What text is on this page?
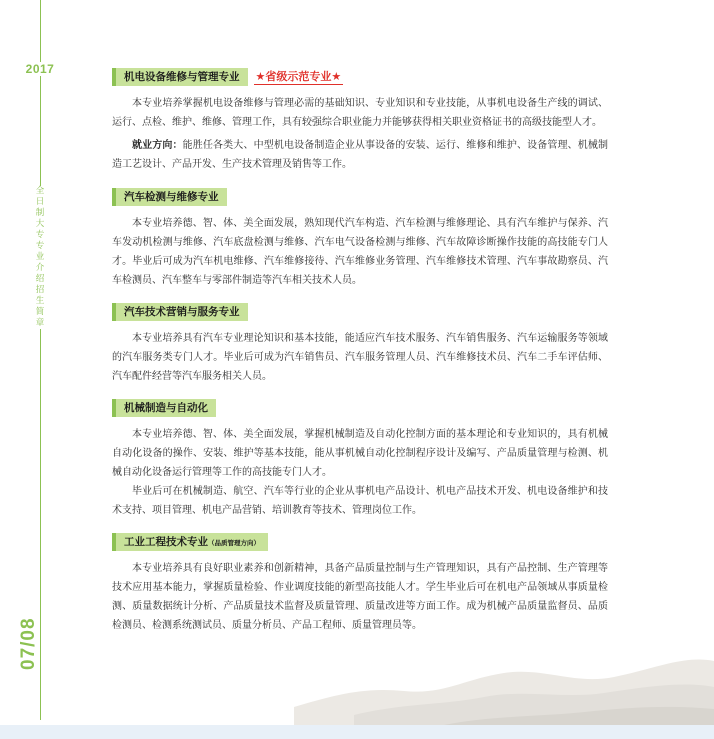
2017
全日制大专专业介绍招生简章
07/08
机电设备维修与管理专业	★省级示范专业★

本专业培养掌握机电设备维修与管理必需的基础知识、专业知识和专业技能，从事机电设备生产线的调试、运行、点检、维护、维修、管理工作，具有较强综合职业能力并能够获得相关职业资格证书的高级技能型人才。

就业方向：能胜任各类大、中型机电设备制造企业从事设备的安装、运行、维修和维护、设备管理、机械制造工艺设计、产品开发、生产技术管理及销售等工作。

汽车检测与维修专业

本专业培养德、智、体、美全面发展，熟知现代汽车构造、汽车检测与维修理论、具有汽车维护与保养、汽车发动机检测与维修、汽车底盘检测与维修、汽车电气设备检测与维修、汽车故障诊断操作技能的高技能专门人才。毕业后可成为汽车机电维修、汽车维修接待、汽车维修业务管理、汽车维修技术管理、汽车事故勘察员、汽车检测员、汽车整车与零部件制造等汽车相关技术人员。

汽车技术营销与服务专业

本专业培养具有汽车专业理论知识和基本技能，能适应汽车技术服务、汽车销售服务、汽车运输服务等领域的汽车服务类专门人才。毕业后可成为汽车销售员、汽车服务管理人员、汽车维修技术员、汽车二手车评估师、汽车配件经营等汽车服务相关人员。

机械制造与自动化

本专业培养德、智、体、美全面发展，掌握机械制造及自动化控制方面的基本理论和专业知识的，具有机械自动化设备的操作、安装、维护等基本技能，能从事机械自动化控制程序设计及编写、产品质量管理与检测、机械自动化设备运行管理等工作的高技能专门人才。

毕业后可在机械制造、航空、汽车等行业的企业从事机电产品设计、机电产品技术开发、机电设备维护和技术支持、项目管理、机电产品营销、培训教育等技术、管理岗位工作。

工业工程技术专业（品质管理方向）

本专业培养具有良好职业素养和创新精神，具备产品质量控制与生产管理知识，具有产品控制、生产管理等技术应用基本能力，掌握质量检验、作业调度技能的新型高技能人才。学生毕业后可在机电产品领域从事质量检测、质量数据统计分析、产品质量技术监督及质量管理、质量改进等方面工作。成为机械产品质量监督员、品质检测员、检测系统测试员、质量分析员、产品工程师、质量管理员等。
